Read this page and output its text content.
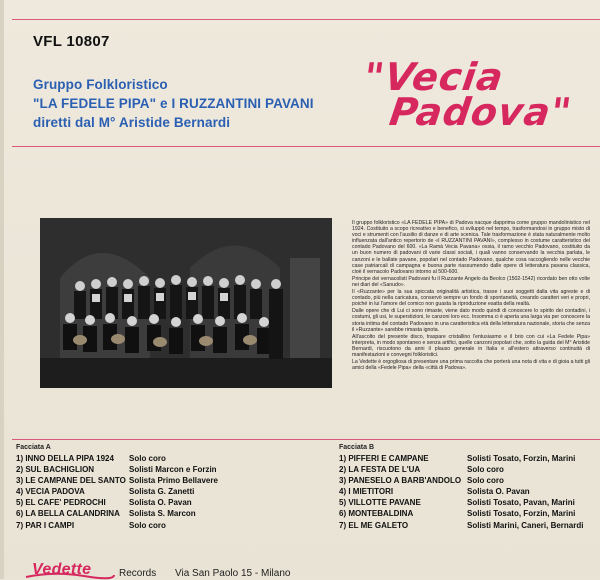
VFL 10807
Gruppo Folkloristico
"LA FEDELE PIPA" e I RUZZANTINI PAVANI
diretti dal M° Aristide Bernardi
"Vecia
Padova"

Il gruppo folkloristico «LA FEDELE PIPA» di Padova nacque dapprima come gruppo mandolinistico nel 1924. Costituito a scopo ricreativo e benefico, si sviluppò nel tempo, trasformandosi in gruppo misto di voci e strumenti con l'ausilio di danze e di arte scenica. Tale trasformazione è stata naturalmente molto influenzata dall'antico repertorio de «I RUZZANTINI PAVANI», complesso in costume caratteristico del contado Padovano del 600. «La Ramà Vecia Pavana» ossia, il ramo vecchio Padovano, costituito da un buon numero di padovani di varie classi sociali, i quali vanno conservando la vecchia parlata, le canzoni e le ballate pavane, popolari nel contado Padovano, qualche cosa raccogliendo nelle vecchie case patriarcali di campagna e buona parte riassumendo dalle opere di letteratura pavana classica, cioè il vernacolo Padovano intorno al 500-600.

Principe dei vernacolisti Padovani fu il Ruzzante Angelo da Beolco (1502-1542) ricordato ben otto volte nei diari del «Sanudo».

Il «Ruzzante» per la sua spiccata originalità artistica, trasse i suoi soggetti dalla vita agreste e di contado, più nella caricatura, conservò sempre un fondo di spontaneità, creando caratteri veri e propri, poiché in lui l'amore del comico non guasta la riproduzione esatta della realtà.

Dalle opere che di Lui ci sono rimaste, viene dato modo quindi di conoscere lo spirito dei contadini, i costumi, gli usi, le superstizioni, le canzoni loro ecc. Insomma ci è aperta una larga via per conoscere la storia intima del contado Padovano in una caratteristica età della letteratura nazionale, storia che senza il «Ruzzante» sarebbe rimasta ignota.

All'ascolto del presente disco, traspare cristallino l'entusiasmo e il brio con cui «La Fedele Pipa» interpreta, in modo spontaneo e senza artifici, quelle canzoni popolari che, sotto la guida del M° Aristide Bernardi, riscuotono da anni il plauso generale in Italia e all'estero attraverso continuità di manifestazioni e convegni folkloristici.

La Vedette è orgogliosa di presentare una prima raccolta che porterà una nota di vita e di gioia a tutti gli amici della «Fedele Pipa» della «città di Padova».

Facciata A
1) INNO DELLA PIPA 1924 Solo coro
2) SUL BACHIGLION	Solisti Marcon e Forzin
3) LE CAMPANE DEL SANTO Solista Primo Bellavere
4) VECIA PADOVA	Solista G. Zanetti
5) EL CAFE' PEDROCHI	Solista O. Pavan
6) LA BELLA CALANDRINA Solista S. Marcon
7) PAR I CAMPI	Solo coro
Facciata B
1) PIFFERI E CAMPANE	Solisti Tosato, Forzin, Marini
2) LA FESTA DE L'UA	Solo coro
3) PANESELO A BARB'ANDOLO Solo coro
4) I MIETITORI	Solista O. Pavan
5) VILLOTTE PAVANE	Solisti Tosato, Pavan, Marini
6) MONTEBALDINA	Solisti Tosato, Forzin, Marini
7) EL ME GALETO	Solisti Marini, Caneri, Bernardi
Vedette	Records Via San Paolo 15 - Milano
